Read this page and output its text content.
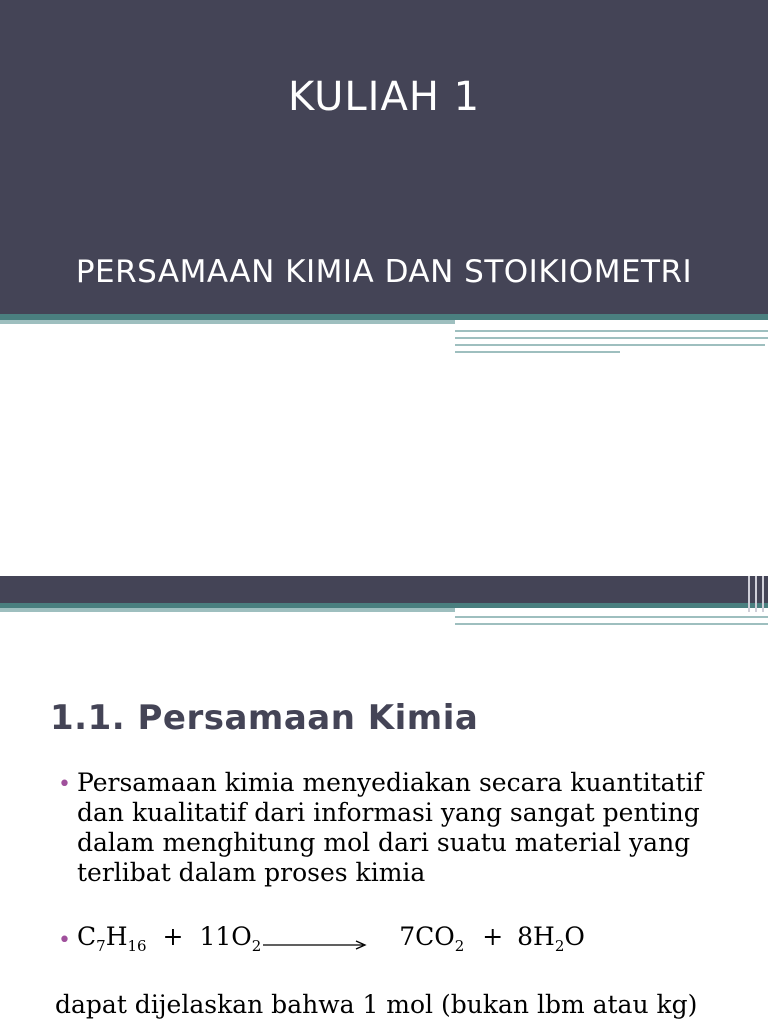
KULIAH 1
PERSAMAAN KIMIA DAN STOIKIOMETRI
1.1. Persamaan Kimia
• Persamaan kimia menyediakan secara kuantitatif
dan kualitatif dari informasi yang sangat penting
dalam menghitung mol dari suatu material yang
terlibat dalam proses kimia
• $C_7H_{16} + 11O_2$	$7CO_2 + 8H_2O$
dapat dijelaskan bahwa 1 mol (bukan lbm atau kg)
